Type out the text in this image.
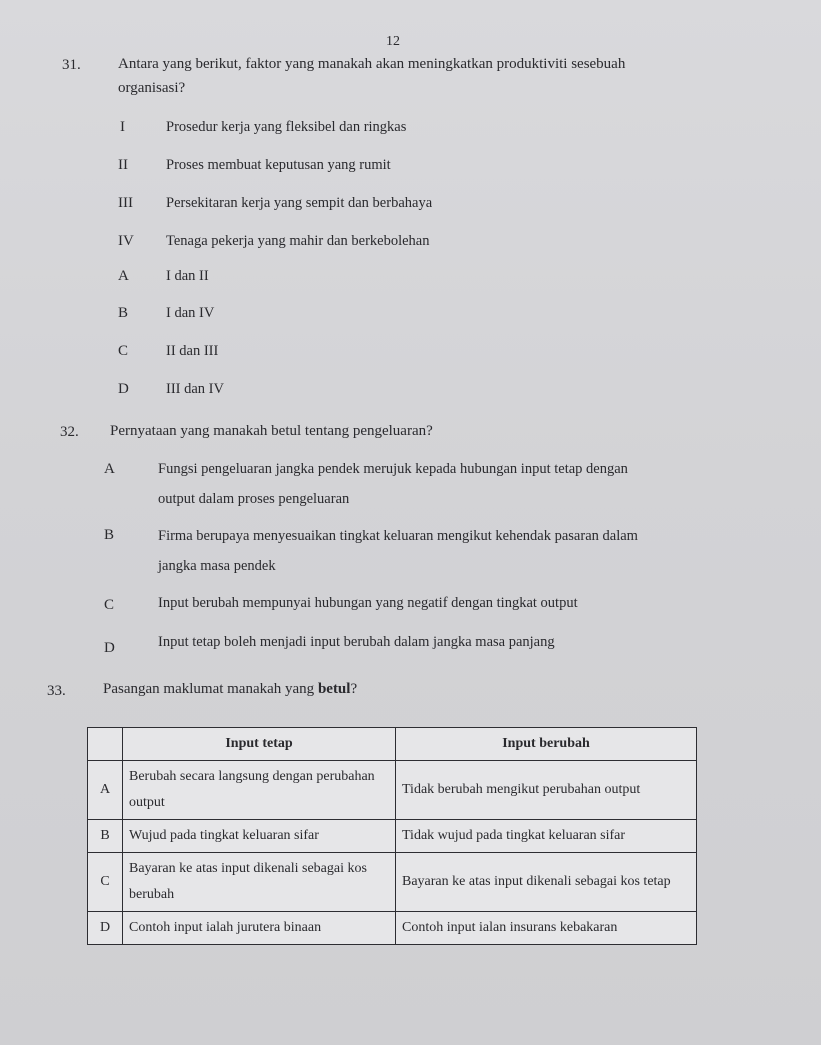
12
31. Antara yang berikut, faktor yang manakah akan meningkatkan produktiviti sesebuah
organisasi?
I	Prosedur kerja yang fleksibel dan ringkas
II	Proses membuat keputusan yang rumit
III Persekitaran kerja yang sempit dan berbahaya
IV Tenaga pekerja yang mahir dan berkebolehan
A	I dan II
B	I dan IV
C	II dan III
D	III dan IV
32. Pernyataan yang manakah betul tentang pengeluaran?
A	Fungsi pengeluaran jangka pendek merujuk kepada hubungan input tetap dengan
output dalam proses pengeluaran
B	Firma berupaya menyesuaikan tingkat keluaran mengikut kehendak pasaran dalam
jangka masa pendek
C	Input berubah mempunyai hubungan yang negatif dengan tingkat output
D	Input tetap boleh menjadi input berubah dalam jangka masa panjang
33. Pasangan maklumat manakah yang betul?
	Input tetap	Input berubah
A	Berubah secara langsung dengan perubahan output	Tidak berubah mengikut perubahan output
B	Wujud pada tingkat keluaran sifar	Tidak wujud pada tingkat keluaran sifar
C	Bayaran ke atas input dikenali sebagai kos berubah	Bayaran ke atas input dikenali sebagai kos tetap
D	Contoh input ialah jurutera binaan	Contoh input ialan insurans kebakaran
